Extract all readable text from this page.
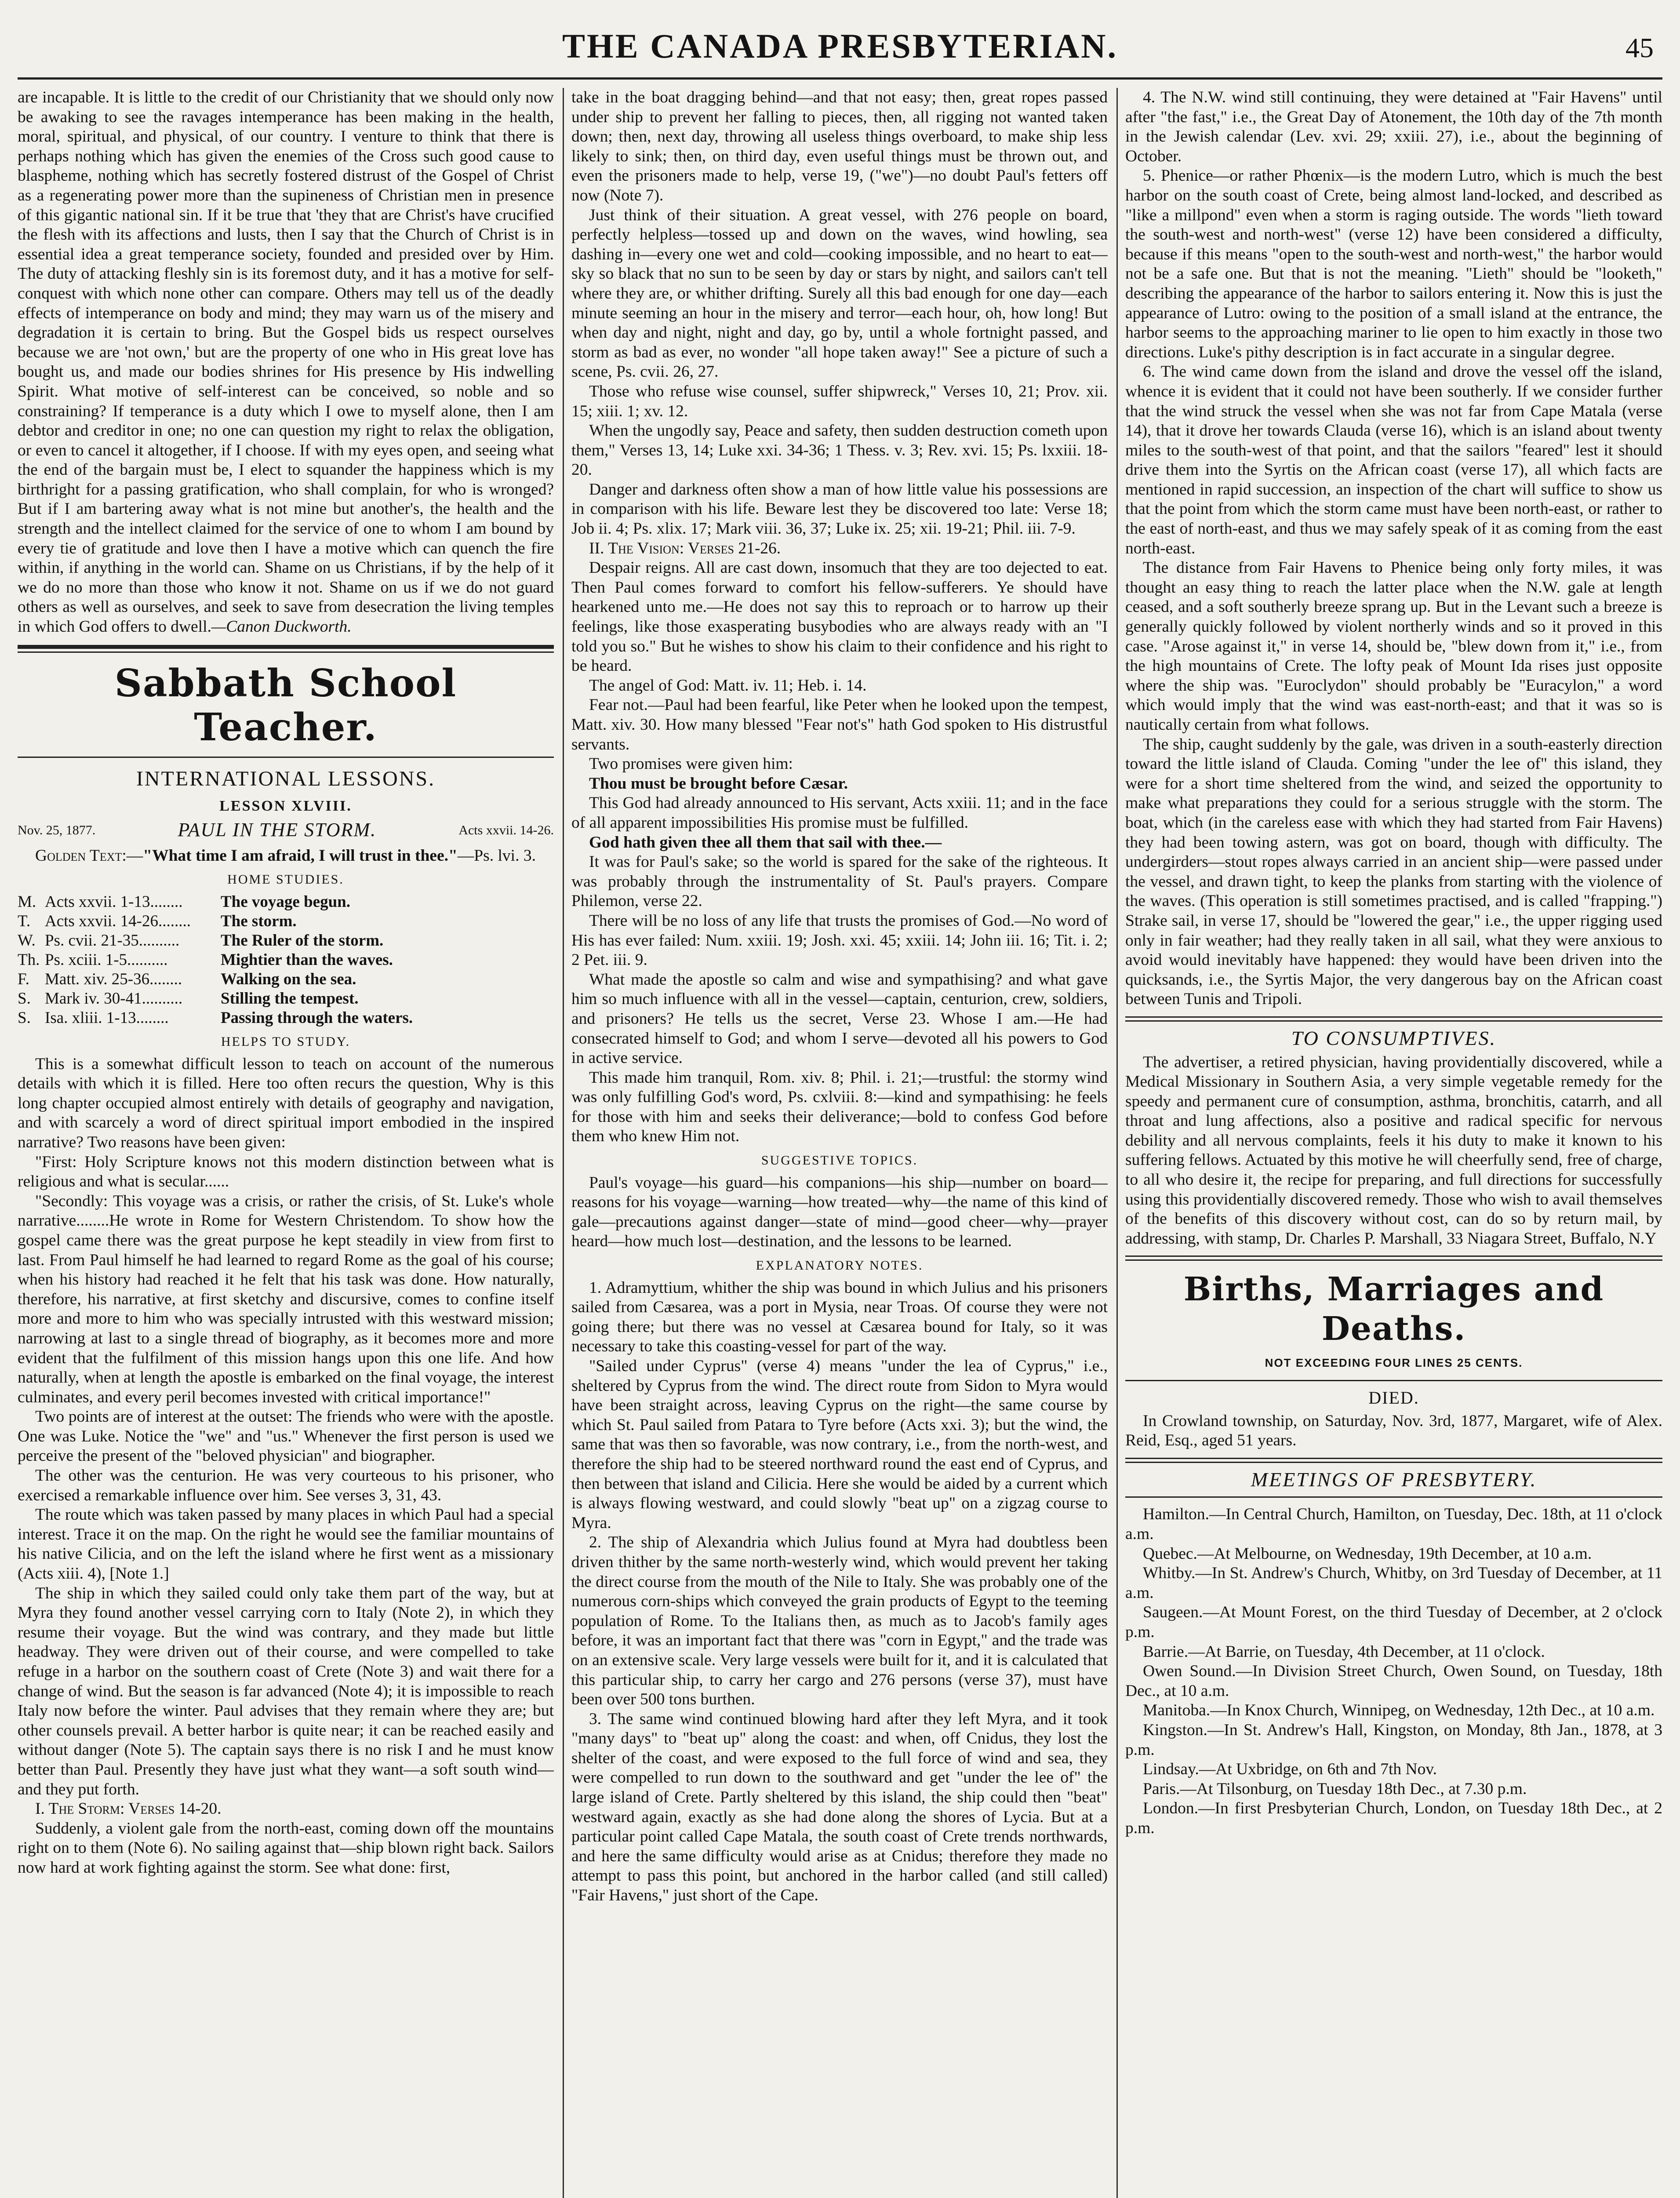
THE CANADA PRESBYTERIAN.	45

are incapable. It is little to the credit of our Christianity that we should only now be awaking to see the ravages intemperance has been making in the health, moral, spiritual, and physical, of our country. I venture to think that there is perhaps nothing which has given the enemies of the Cross such good cause to blaspheme, nothing which has secretly fostered distrust of the Gospel of Christ as a regenerating power more than the supineness of Christian men in presence of this gigantic national sin. If it be true that 'they that are Christ's have crucified the flesh with its affections and lusts, then I say that the Church of Christ is in essential idea a great temperance society, founded and presided over by Him. The duty of attacking fleshly sin is its foremost duty, and it has a motive for self-conquest with which none other can compare. Others may tell us of the deadly effects of intemperance on body and mind; they may warn us of the misery and degradation it is certain to bring. But the Gospel bids us respect ourselves because we are 'not own,' but are the property of one who in His great love has bought us, and made our bodies shrines for His presence by His indwelling Spirit. What motive of self-interest can be conceived, so noble and so constraining? If temperance is a duty which I owe to myself alone, then I am debtor and creditor in one; no one can question my right to relax the obligation, or even to cancel it altogether, if I choose. If with my eyes open, and seeing what the end of the bargain must be, I elect to squander the happiness which is my birthright for a passing gratification, who shall complain, for who is wronged? But if I am bartering away what is not mine but another's, the health and the strength and the intellect claimed for the service of one to whom I am bound by every tie of gratitude and love then I have a motive which can quench the fire within, if anything in the world can. Shame on us Christians, if by the help of it we do no more than those who know it not. Shame on us if we do not guard others as well as ourselves, and seek to save from desecration the living temples in which God offers to dwell.—Canon Duckworth.

Sabbath School Teacher.
INTERNATIONAL LESSONS.
LESSON XLVIII.
Nov. 25, 1877.	PAUL IN THE STORM.	Acts xxvii. 14-26.

Golden Text:—"What time I am afraid, I will trust in thee."—Ps. lvi. 3.

HOME STUDIES.
M. Acts xxvii. 1-13........	The voyage begun.
T. Acts xxvii. 14-26........	The storm.
W. Ps. cvii. 21-35..........	The Ruler of the storm.
Th. Ps. xciii. 1-5..........	Mightier than the waves.
F. Matt. xiv. 25-36........	Walking on the sea.
S. Mark iv. 30-41..........	Stilling the tempest.
S. Isa. xliii. 1-13........	Passing through the waters.
HELPS TO STUDY.

This is a somewhat difficult lesson to teach on account of the numerous details with which it is filled. Here too often recurs the question, Why is this long chapter occupied almost entirely with details of geography and navigation, and with scarcely a word of direct spiritual import embodied in the inspired narrative? Two reasons have been given:

"First: Holy Scripture knows not this modern distinction between what is religious and what is secular......

"Secondly: This voyage was a crisis, or rather the crisis, of St. Luke's whole narrative........He wrote in Rome for Western Christendom. To show how the gospel came there was the great purpose he kept steadily in view from first to last. From Paul himself he had learned to regard Rome as the goal of his course; when his history had reached it he felt that his task was done. How naturally, therefore, his narrative, at first sketchy and discursive, comes to confine itself more and more to him who was specially intrusted with this westward mission; narrowing at last to a single thread of biography, as it becomes more and more evident that the fulfilment of this mission hangs upon this one life. And how naturally, when at length the apostle is embarked on the final voyage, the interest culminates, and every peril becomes invested with critical importance!"

Two points are of interest at the outset: The friends who were with the apostle. One was Luke. Notice the "we" and "us." Whenever the first person is used we perceive the present of the "beloved physician" and biographer.

The other was the centurion. He was very courteous to his prisoner, who exercised a remarkable influence over him. See verses 3, 31, 43.

The route which was taken passed by many places in which Paul had a special interest. Trace it on the map. On the right he would see the familiar mountains of his native Cilicia, and on the left the island where he first went as a missionary (Acts xiii. 4), [Note 1.]

The ship in which they sailed could only take them part of the way, but at Myra they found another vessel carrying corn to Italy (Note 2), in which they resume their voyage. But the wind was contrary, and they made but little headway. They were driven out of their course, and were compelled to take refuge in a harbor on the southern coast of Crete (Note 3) and wait there for a change of wind. But the season is far advanced (Note 4); it is impossible to reach Italy now before the winter. Paul advises that they remain where they are; but other counsels prevail. A better harbor is quite near; it can be reached easily and without danger (Note 5). The captain says there is no risk I and he must know better than Paul. Presently they have just what they want—a soft south wind—and they put forth.

I. The Storm: Verses 14-20.

Suddenly, a violent gale from the north-east, coming down off the mountains right on to them (Note 6). No sailing against that—ship blown right back. Sailors now hard at work fighting against the storm. See what done: first,

take in the boat dragging behind—and that not easy; then, great ropes passed under ship to prevent her falling to pieces, then, all rigging not wanted taken down; then, next day, throwing all useless things overboard, to make ship less likely to sink; then, on third day, even useful things must be thrown out, and even the prisoners made to help, verse 19, ("we")—no doubt Paul's fetters off now (Note 7).

Just think of their situation. A great vessel, with 276 people on board, perfectly helpless—tossed up and down on the waves, wind howling, sea dashing in—every one wet and cold—cooking impossible, and no heart to eat—sky so black that no sun to be seen by day or stars by night, and sailors can't tell where they are, or whither drifting. Surely all this bad enough for one day—each minute seeming an hour in the misery and terror—each hour, oh, how long! But when day and night, night and day, go by, until a whole fortnight passed, and storm as bad as ever, no wonder "all hope taken away!" See a picture of such a scene, Ps. cvii. 26, 27.

Those who refuse wise counsel, suffer shipwreck," Verses 10, 21; Prov. xii. 15; xiii. 1; xv. 12.

When the ungodly say, Peace and safety, then sudden destruction cometh upon them," Verses 13, 14; Luke xxi. 34-36; 1 Thess. v. 3; Rev. xvi. 15; Ps. lxxiii. 18-20.

Danger and darkness often show a man of how little value his possessions are in comparison with his life. Beware lest they be discovered too late: Verse 18; Job ii. 4; Ps. xlix. 17; Mark viii. 36, 37; Luke ix. 25; xii. 19-21; Phil. iii. 7-9.

II. The Vision: Verses 21-26.

Despair reigns. All are cast down, insomuch that they are too dejected to eat. Then Paul comes forward to comfort his fellow-sufferers. Ye should have hearkened unto me.—He does not say this to reproach or to harrow up their feelings, like those exasperating busybodies who are always ready with an "I told you so." But he wishes to show his claim to their confidence and his right to be heard.

The angel of God: Matt. iv. 11; Heb. i. 14.

Fear not.—Paul had been fearful, like Peter when he looked upon the tempest, Matt. xiv. 30. How many blessed "Fear not's" hath God spoken to His distrustful servants.

Two promises were given him:

Thou must be brought before Cæsar.

This God had already announced to His servant, Acts xxiii. 11; and in the face of all apparent impossibilities His promise must be fulfilled.

God hath given thee all them that sail with thee.—

It was for Paul's sake; so the world is spared for the sake of the righteous. It was probably through the instrumentality of St. Paul's prayers. Compare Philemon, verse 22.

There will be no loss of any life that trusts the promises of God.—No word of His has ever failed: Num. xxiii. 19; Josh. xxi. 45; xxiii. 14; John iii. 16; Tit. i. 2; 2 Pet. iii. 9.

What made the apostle so calm and wise and sympathising? and what gave him so much influence with all in the vessel—captain, centurion, crew, soldiers, and prisoners? He tells us the secret, Verse 23. Whose I am.—He had consecrated himself to God; and whom I serve—devoted all his powers to God in active service.

This made him tranquil, Rom. xiv. 8; Phil. i. 21;—trustful: the stormy wind was only fulfilling God's word, Ps. cxlviii. 8:—kind and sympathising: he feels for those with him and seeks their deliverance;—bold to confess God before them who knew Him not.

SUGGESTIVE TOPICS.

Paul's voyage—his guard—his companions—his ship—number on board—reasons for his voyage—warning—how treated—why—the name of this kind of gale—precautions against danger—state of mind—good cheer—why—prayer heard—how much lost—destination, and the lessons to be learned.

EXPLANATORY NOTES.

1. Adramyttium, whither the ship was bound in which Julius and his prisoners sailed from Cæsarea, was a port in Mysia, near Troas. Of course they were not going there; but there was no vessel at Cæsarea bound for Italy, so it was necessary to take this coasting-vessel for part of the way.

"Sailed under Cyprus" (verse 4) means "under the lea of Cyprus," i.e., sheltered by Cyprus from the wind. The direct route from Sidon to Myra would have been straight across, leaving Cyprus on the right—the same course by which St. Paul sailed from Patara to Tyre before (Acts xxi. 3); but the wind, the same that was then so favorable, was now contrary, i.e., from the north-west, and therefore the ship had to be steered northward round the east end of Cyprus, and then between that island and Cilicia. Here she would be aided by a current which is always flowing westward, and could slowly "beat up" on a zigzag course to Myra.

2. The ship of Alexandria which Julius found at Myra had doubtless been driven thither by the same north-westerly wind, which would prevent her taking the direct course from the mouth of the Nile to Italy. She was probably one of the numerous corn-ships which conveyed the grain products of Egypt to the teeming population of Rome. To the Italians then, as much as to Jacob's family ages before, it was an important fact that there was "corn in Egypt," and the trade was on an extensive scale. Very large vessels were built for it, and it is calculated that this particular ship, to carry her cargo and 276 persons (verse 37), must have been over 500 tons burthen.

3. The same wind continued blowing hard after they left Myra, and it took "many days" to "beat up" along the coast: and when, off Cnidus, they lost the shelter of the coast, and were exposed to the full force of wind and sea, they were compelled to run down to the southward and get "under the lee of" the large island of Crete. Partly sheltered by this island, the ship could then "beat" westward again, exactly as she had done along the shores of Lycia. But at a particular point called Cape Matala, the south coast of Crete trends northwards, and here the same difficulty would arise as at Cnidus; therefore they made no attempt to pass this point, but anchored in the harbor called (and still called) "Fair Havens," just short of the Cape.

4. The N.W. wind still continuing, they were detained at "Fair Havens" until after "the fast," i.e., the Great Day of Atonement, the 10th day of the 7th month in the Jewish calendar (Lev. xvi. 29; xxiii. 27), i.e., about the beginning of October.

5. Phenice—or rather Phœnix—is the modern Lutro, which is much the best harbor on the south coast of Crete, being almost land-locked, and described as "like a millpond" even when a storm is raging outside. The words "lieth toward the south-west and north-west" (verse 12) have been considered a difficulty, because if this means "open to the south-west and north-west," the harbor would not be a safe one. But that is not the meaning. "Lieth" should be "looketh," describing the appearance of the harbor to sailors entering it. Now this is just the appearance of Lutro: owing to the position of a small island at the entrance, the harbor seems to the approaching mariner to lie open to him exactly in those two directions. Luke's pithy description is in fact accurate in a singular degree.

6. The wind came down from the island and drove the vessel off the island, whence it is evident that it could not have been southerly. If we consider further that the wind struck the vessel when she was not far from Cape Matala (verse 14), that it drove her towards Clauda (verse 16), which is an island about twenty miles to the south-west of that point, and that the sailors "feared" lest it should drive them into the Syrtis on the African coast (verse 17), all which facts are mentioned in rapid succession, an inspection of the chart will suffice to show us that the point from which the storm came must have been north-east, or rather to the east of north-east, and thus we may safely speak of it as coming from the east north-east.

The distance from Fair Havens to Phenice being only forty miles, it was thought an easy thing to reach the latter place when the N.W. gale at length ceased, and a soft southerly breeze sprang up. But in the Levant such a breeze is generally quickly followed by violent northerly winds and so it proved in this case. "Arose against it," in verse 14, should be, "blew down from it," i.e., from the high mountains of Crete. The lofty peak of Mount Ida rises just opposite where the ship was. "Euroclydon" should probably be "Euracylon," a word which would imply that the wind was east-north-east; and that it was so is nautically certain from what follows.

The ship, caught suddenly by the gale, was driven in a south-easterly direction toward the little island of Clauda. Coming "under the lee of" this island, they were for a short time sheltered from the wind, and seized the opportunity to make what preparations they could for a serious struggle with the storm. The boat, which (in the careless ease with which they had started from Fair Havens) they had been towing astern, was got on board, though with difficulty. The undergirders—stout ropes always carried in an ancient ship—were passed under the vessel, and drawn tight, to keep the planks from starting with the violence of the waves. (This operation is still sometimes practised, and is called "frapping.") Strake sail, in verse 17, should be "lowered the gear," i.e., the upper rigging used only in fair weather; had they really taken in all sail, what they were anxious to avoid would inevitably have happened: they would have been driven into the quicksands, i.e., the Syrtis Major, the very dangerous bay on the African coast between Tunis and Tripoli.

TO CONSUMPTIVES.

The advertiser, a retired physician, having providentially discovered, while a Medical Missionary in Southern Asia, a very simple vegetable remedy for the speedy and permanent cure of consumption, asthma, bronchitis, catarrh, and all throat and lung affections, also a positive and radical specific for nervous debility and all nervous complaints, feels it his duty to make it known to his suffering fellows. Actuated by this motive he will cheerfully send, free of charge, to all who desire it, the recipe for preparing, and full directions for successfully using this providentially discovered remedy. Those who wish to avail themselves of the benefits of this discovery without cost, can do so by return mail, by addressing, with stamp, Dr. Charles P. Marshall, 33 Niagara Street, Buffalo, N.Y

Births, Marriages and Deaths.
NOT EXCEEDING FOUR LINES 25 CENTS.
DIED.

In Crowland township, on Saturday, Nov. 3rd, 1877, Margaret, wife of Alex. Reid, Esq., aged 51 years.

MEETINGS OF PRESBYTERY.

Hamilton.—In Central Church, Hamilton, on Tuesday, Dec. 18th, at 11 o'clock a.m.

Quebec.—At Melbourne, on Wednesday, 19th December, at 10 a.m.

Whitby.—In St. Andrew's Church, Whitby, on 3rd Tuesday of December, at 11 a.m.

Saugeen.—At Mount Forest, on the third Tuesday of December, at 2 o'clock p.m.

Barrie.—At Barrie, on Tuesday, 4th December, at 11 o'clock.

Owen Sound.—In Division Street Church, Owen Sound, on Tuesday, 18th Dec., at 10 a.m.

Manitoba.—In Knox Church, Winnipeg, on Wednesday, 12th Dec., at 10 a.m.

Kingston.—In St. Andrew's Hall, Kingston, on Monday, 8th Jan., 1878, at 3 p.m.

Lindsay.—At Uxbridge, on 6th and 7th Nov.

Paris.—At Tilsonburg, on Tuesday 18th Dec., at 7.30 p.m.

London.—In first Presbyterian Church, London, on Tuesday 18th Dec., at 2 p.m.
